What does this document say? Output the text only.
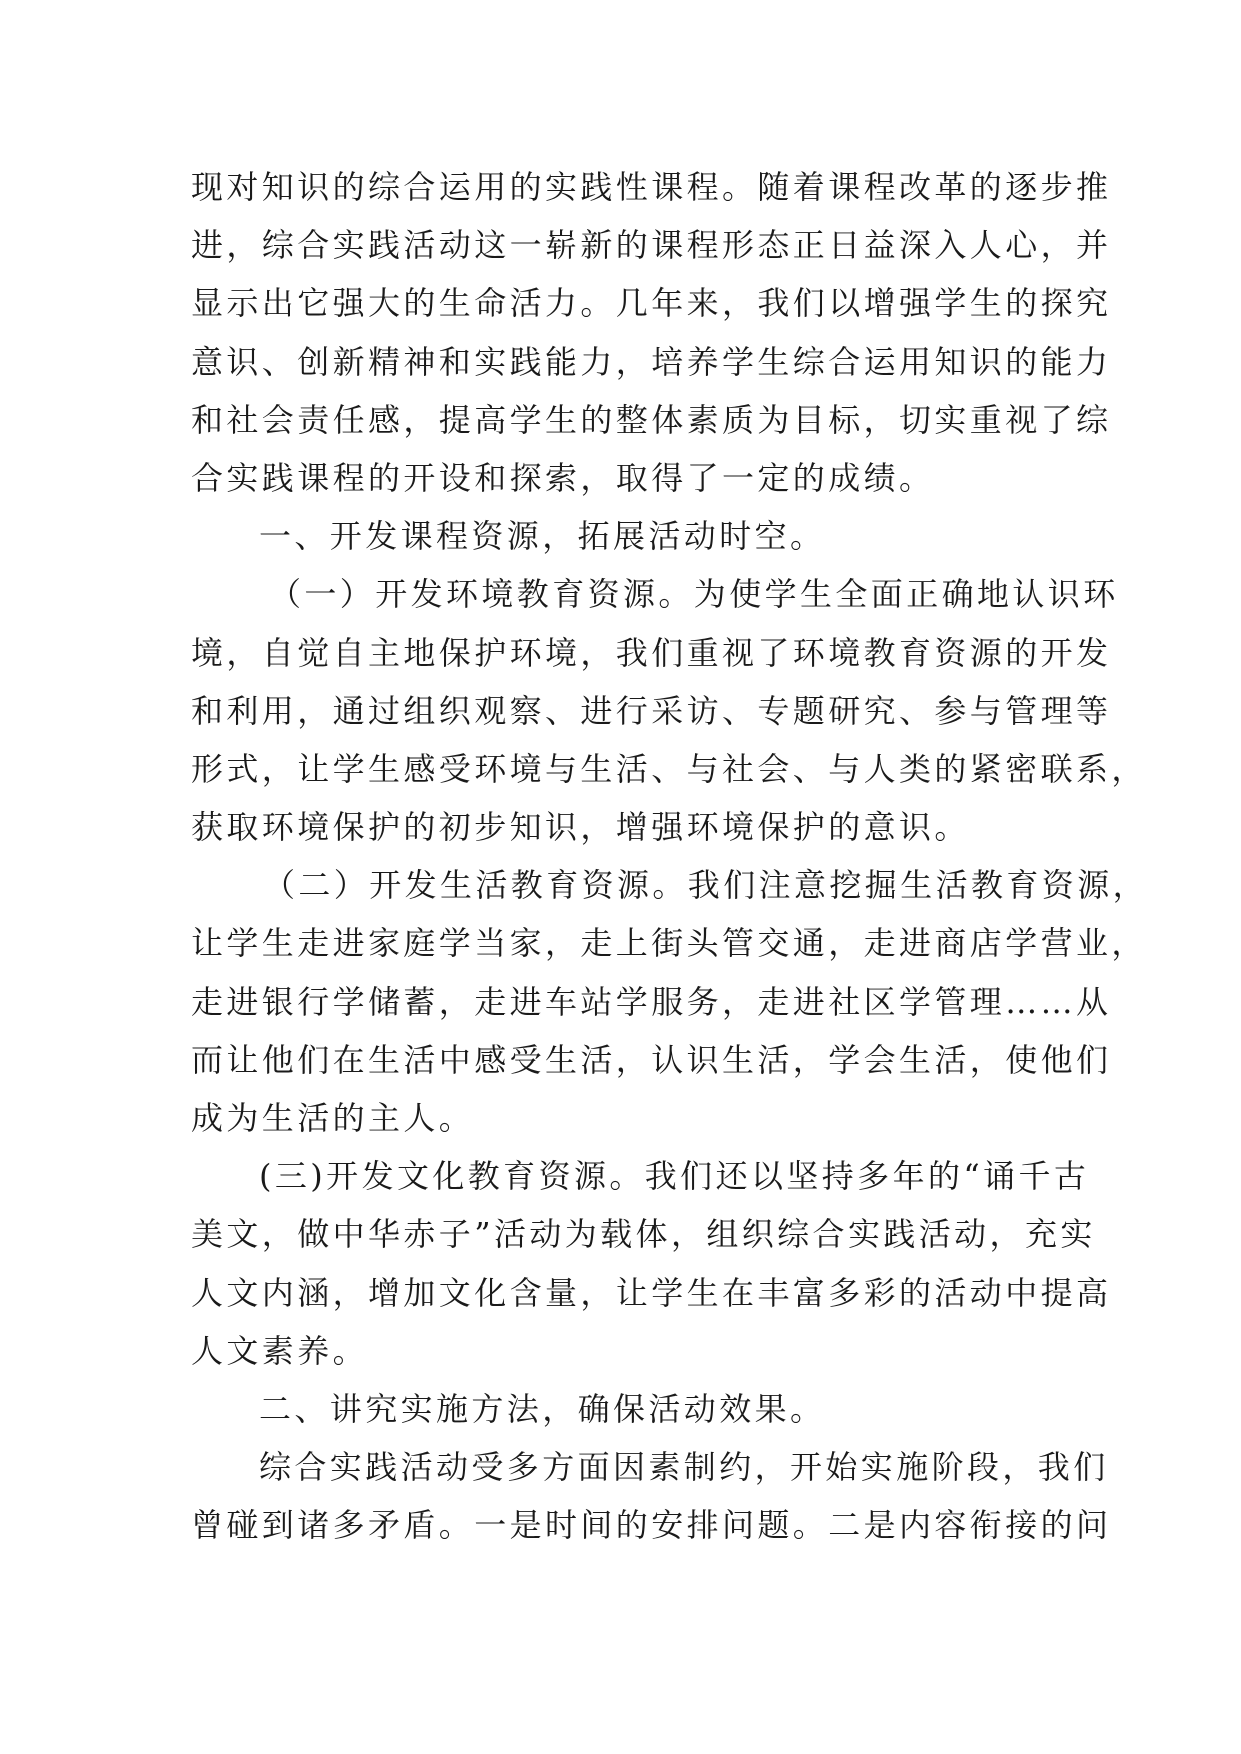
现对知识的综合运用的实践性课程。随着课程改革的逐步推
进，综合实践活动这一崭新的课程形态正日益深入人心，并
显示出它强大的生命活力。几年来，我们以增强学生的探究
意识、创新精神和实践能力，培养学生综合运用知识的能力
和社会责任感，提高学生的整体素质为目标，切实重视了综
合实践课程的开设和探索，取得了一定的成绩。
一、开发课程资源，拓展活动时空。
（一）开发环境教育资源。为使学生全面正确地认识环
境，自觉自主地保护环境，我们重视了环境教育资源的开发
和利用，通过组织观察、进行采访、专题研究、参与管理等
形式，让学生感受环境与生活、与社会、与人类的紧密联系，
获取环境保护的初步知识，增强环境保护的意识。
（二）开发生活教育资源。我们注意挖掘生活教育资源，
让学生走进家庭学当家，走上街头管交通，走进商店学营业，
走进银行学储蓄，走进车站学服务，走进社区学管理……从
而让他们在生活中感受生活，认识生活，学会生活，使他们
成为生活的主人。
(三)开发文化教育资源。我们还以坚持多年的“诵千古
美文，做中华赤子”活动为载体，组织综合实践活动，充实
人文内涵，增加文化含量，让学生在丰富多彩的活动中提高
人文素养。
二、讲究实施方法，确保活动效果。
综合实践活动受多方面因素制约，开始实施阶段，我们
曾碰到诸多矛盾。一是时间的安排问题。二是内容衔接的问
